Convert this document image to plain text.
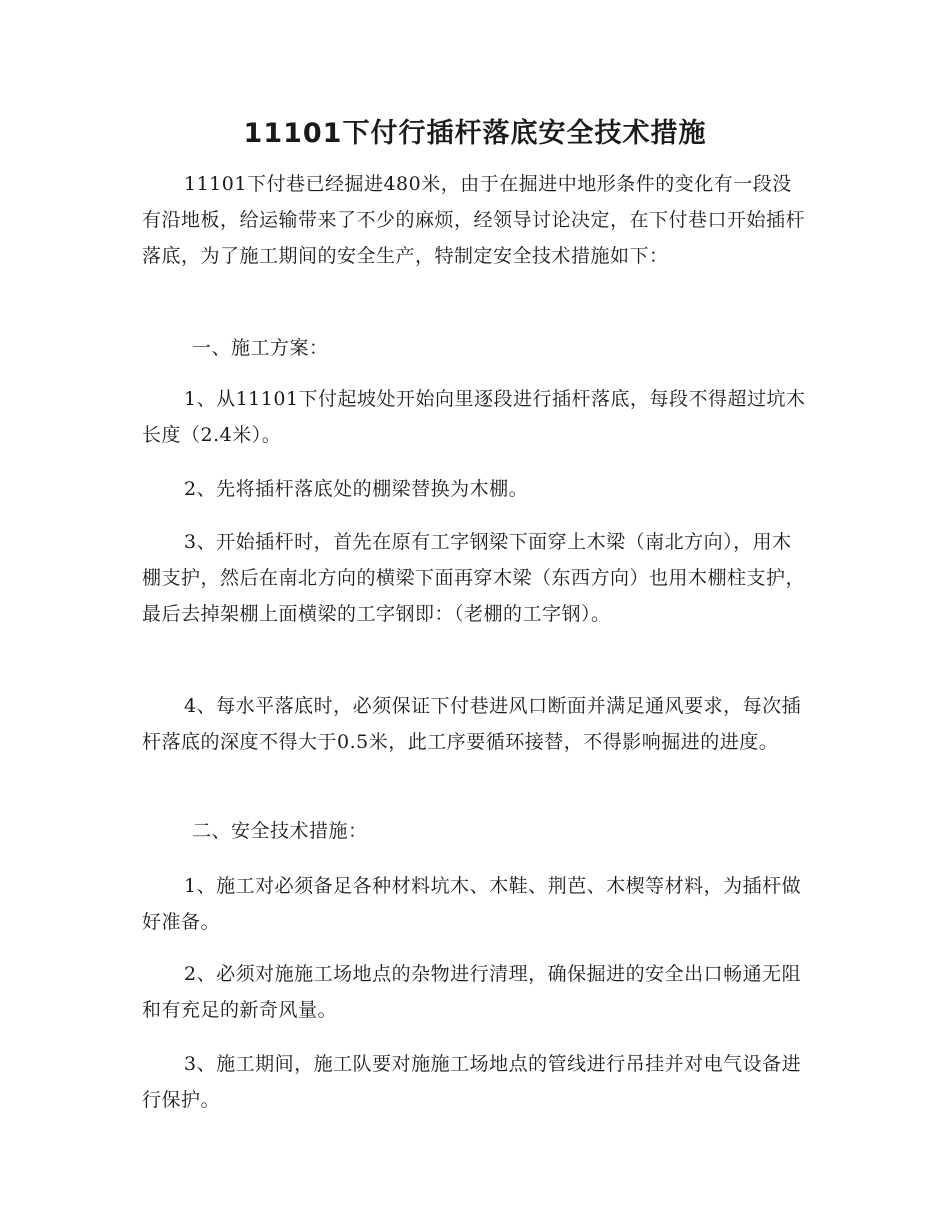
11101下付行插杆落底安全技术措施

11101下付巷已经掘进480米，由于在掘进中地形条件的变化有一段没有沿地板，给运输带来了不少的麻烦，经领导讨论决定，在下付巷口开始插杆落底，为了施工期间的安全生产，特制定安全技术措施如下：

一、施工方案：

1、从11101下付起坡处开始向里逐段进行插杆落底，每段不得超过坑木长度（2.4米）。

2、先将插杆落底处的棚梁替换为木棚。

3、开始插杆时，首先在原有工字钢梁下面穿上木梁（南北方向），用木棚支护，然后在南北方向的横梁下面再穿木梁（东西方向）也用木棚柱支护，最后去掉架棚上面横梁的工字钢即：（老棚的工字钢）。

4、每水平落底时，必须保证下付巷进风口断面并满足通风要求，每次插杆落底的深度不得大于0.5米，此工序要循环接替，不得影响掘进的进度。

二、安全技术措施：

1、施工对必须备足各种材料坑木、木鞋、荆芭、木楔等材料，为插杆做好准备。

2、必须对施施工场地点的杂物进行清理，确保掘进的安全出口畅通无阻和有充足的新奇风量。

3、施工期间，施工队要对施施工场地点的管线进行吊挂并对电气设备进行保护。
